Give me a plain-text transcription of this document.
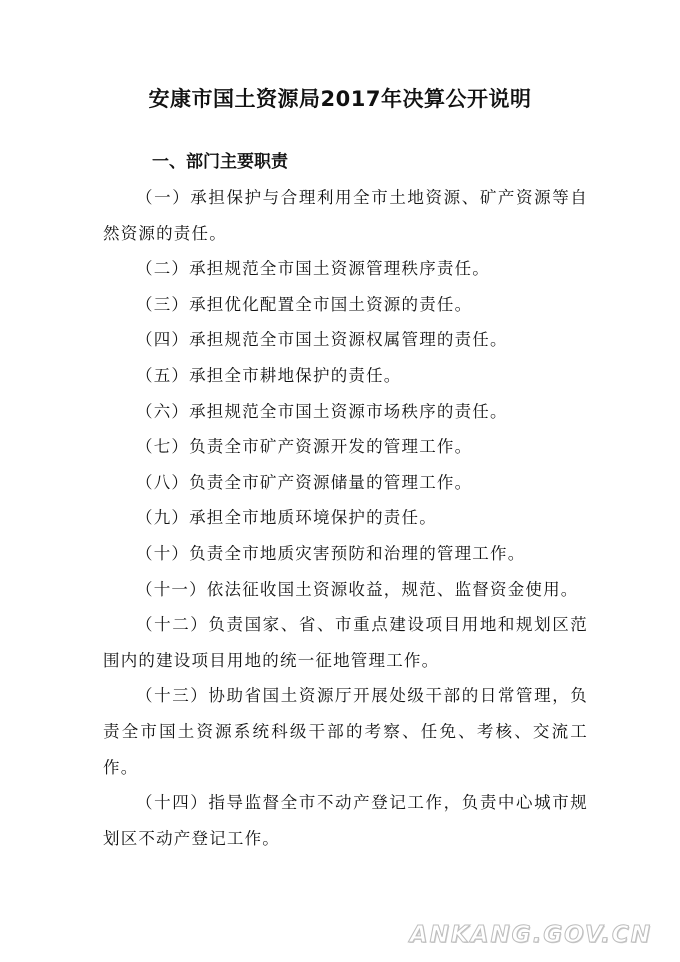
安康市国土资源局2017年决算公开说明
一、部门主要职责

（一）承担保护与合理利用全市土地资源、矿产资源等自然资源的责任。

（二）承担规范全市国土资源管理秩序责任。

（三）承担优化配置全市国土资源的责任。

（四）承担规范全市国土资源权属管理的责任。

（五）承担全市耕地保护的责任。

（六）承担规范全市国土资源市场秩序的责任。

（七）负责全市矿产资源开发的管理工作。

（八）负责全市矿产资源储量的管理工作。

（九）承担全市地质环境保护的责任。

（十）负责全市地质灾害预防和治理的管理工作。

（十一）依法征收国土资源收益，规范、监督资金使用。

（十二）负责国家、省、市重点建设项目用地和规划区范围内的建设项目用地的统一征地管理工作。

（十三）协助省国土资源厅开展处级干部的日常管理，负责全市国土资源系统科级干部的考察、任免、考核、交流工作。

（十四）指导监督全市不动产登记工作，负责中心城市规划区不动产登记工作。

ANKANG.GOV.CN
